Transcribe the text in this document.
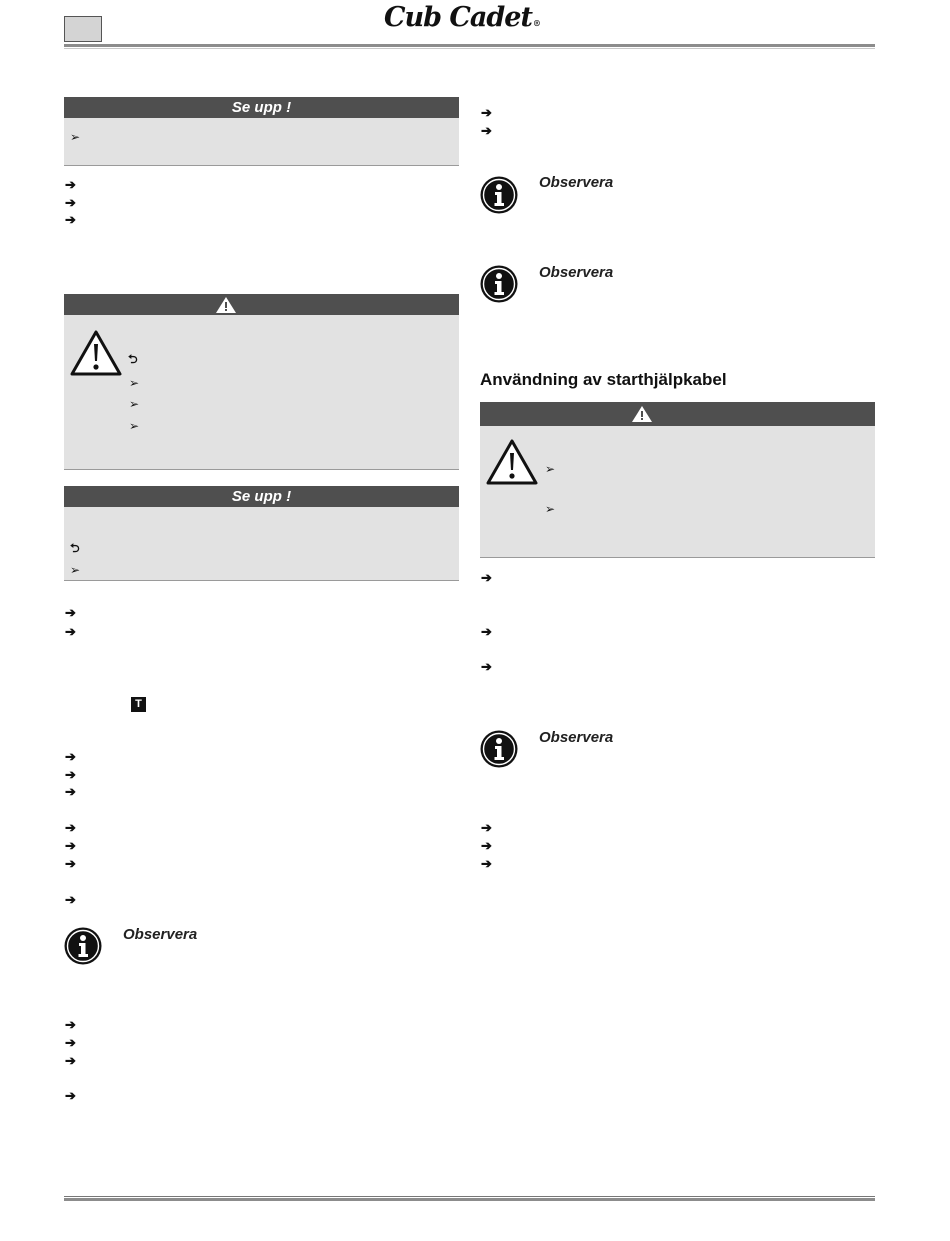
Cub Cadet®
Se upp !
➢
➔
➔
➔
⮌
➢
➢
➢
Se upp !
⮌
➢
➔
➔
T
➔
➔
➔
➔
➔
➔
➔
Observera
➔
➔
➔
➔
➔
➔
Observera
Observera
Användning av starthjälpkabel
➢
➢
➔
➔
➔
Observera
➔
➔
➔
